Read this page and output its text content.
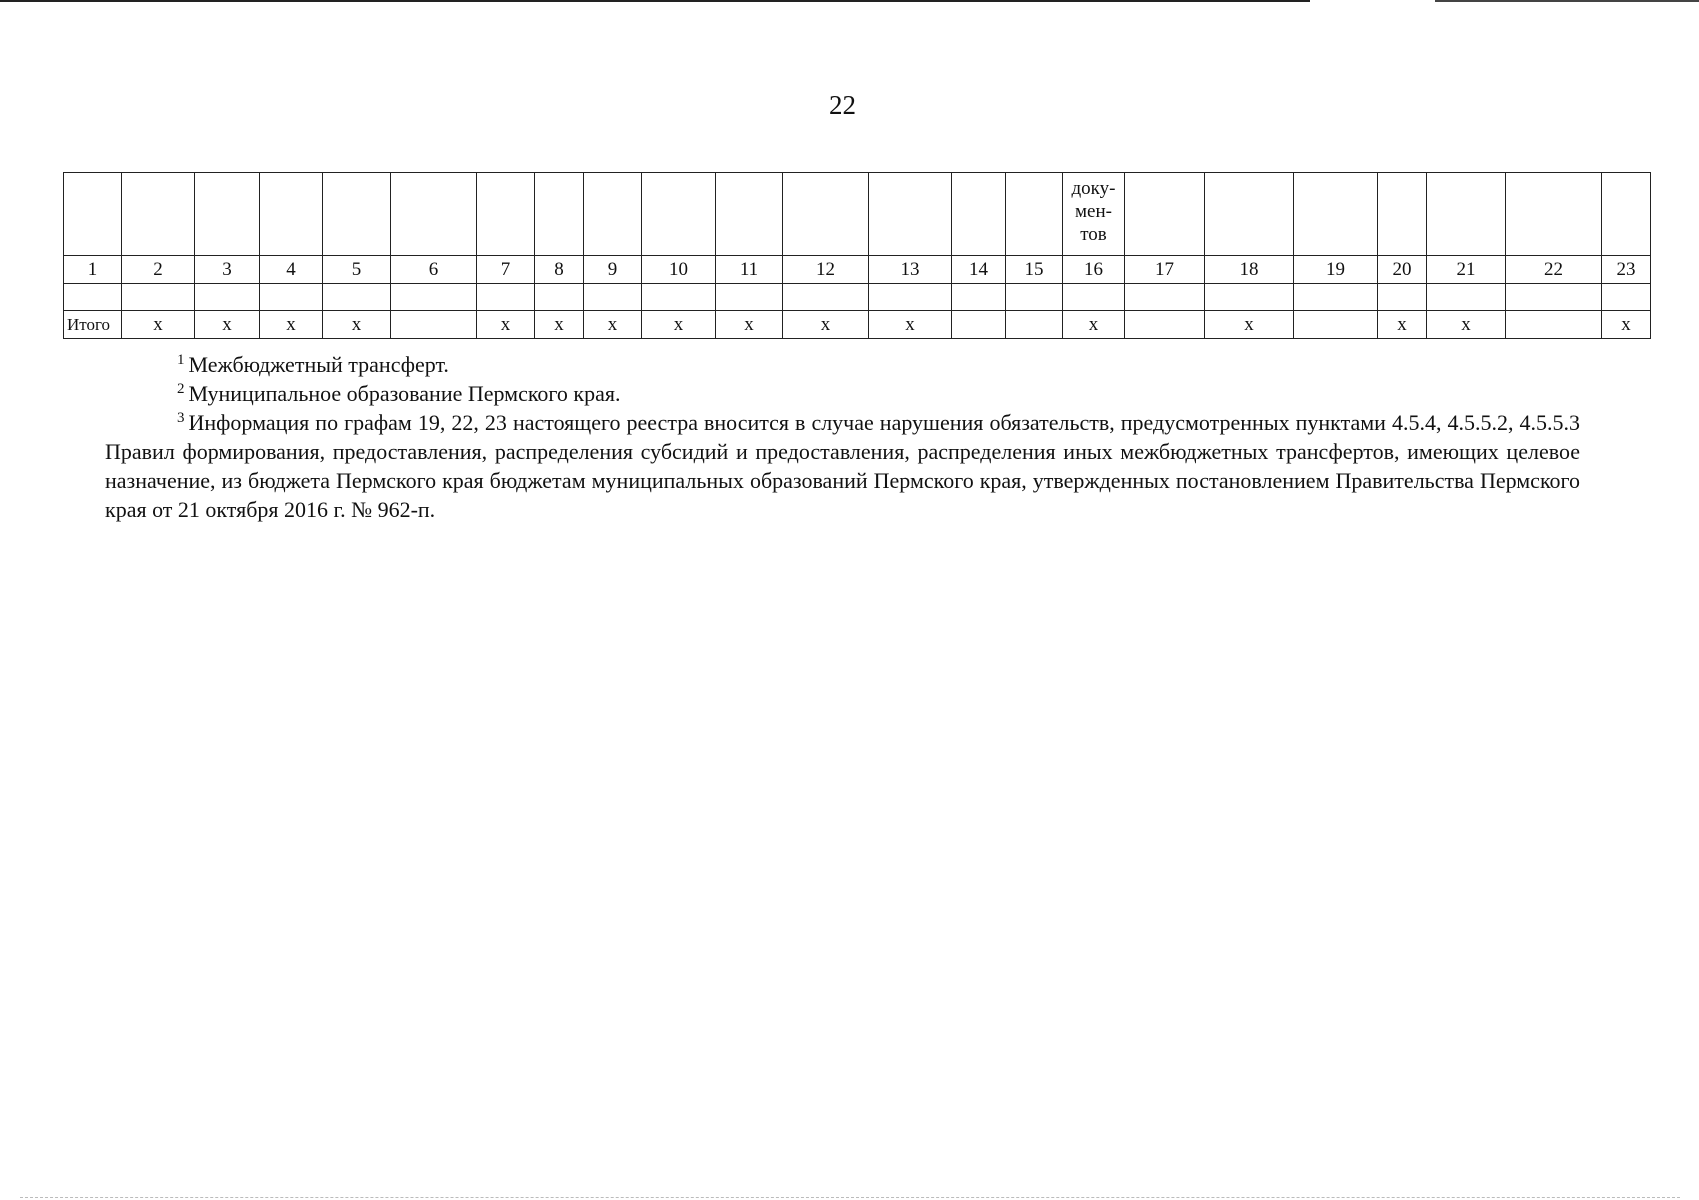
22

															доку-
мен-
тов							

1	2	3	4	5	6	7	8	9	10	11	12	13	14	15	16	17	18	19	20	21	22	23

Итого	x	x	x	x		x	x	x	x	x	x	x			x		x		x	x		x

$^1$ Межбюджетный трансферт.

$^2$ Муниципальное образование Пермского края.

$^3$ Информация по графам 19, 22, 23 настоящего реестра вносится в случае нарушения обязательств, предусмотренных пунктами 4.5.4, 4.5.5.2, 4.5.5.3 Правил формирования, предоставления, распределения субсидий и предоставления, распределения иных межбюджетных трансфертов, имеющих целевое назначение, из бюджета Пермского края бюджетам муниципальных образований Пермского края, утвержденных постановлением Правительства Пермского края от 21 октября 2016 г. № 962-п.
